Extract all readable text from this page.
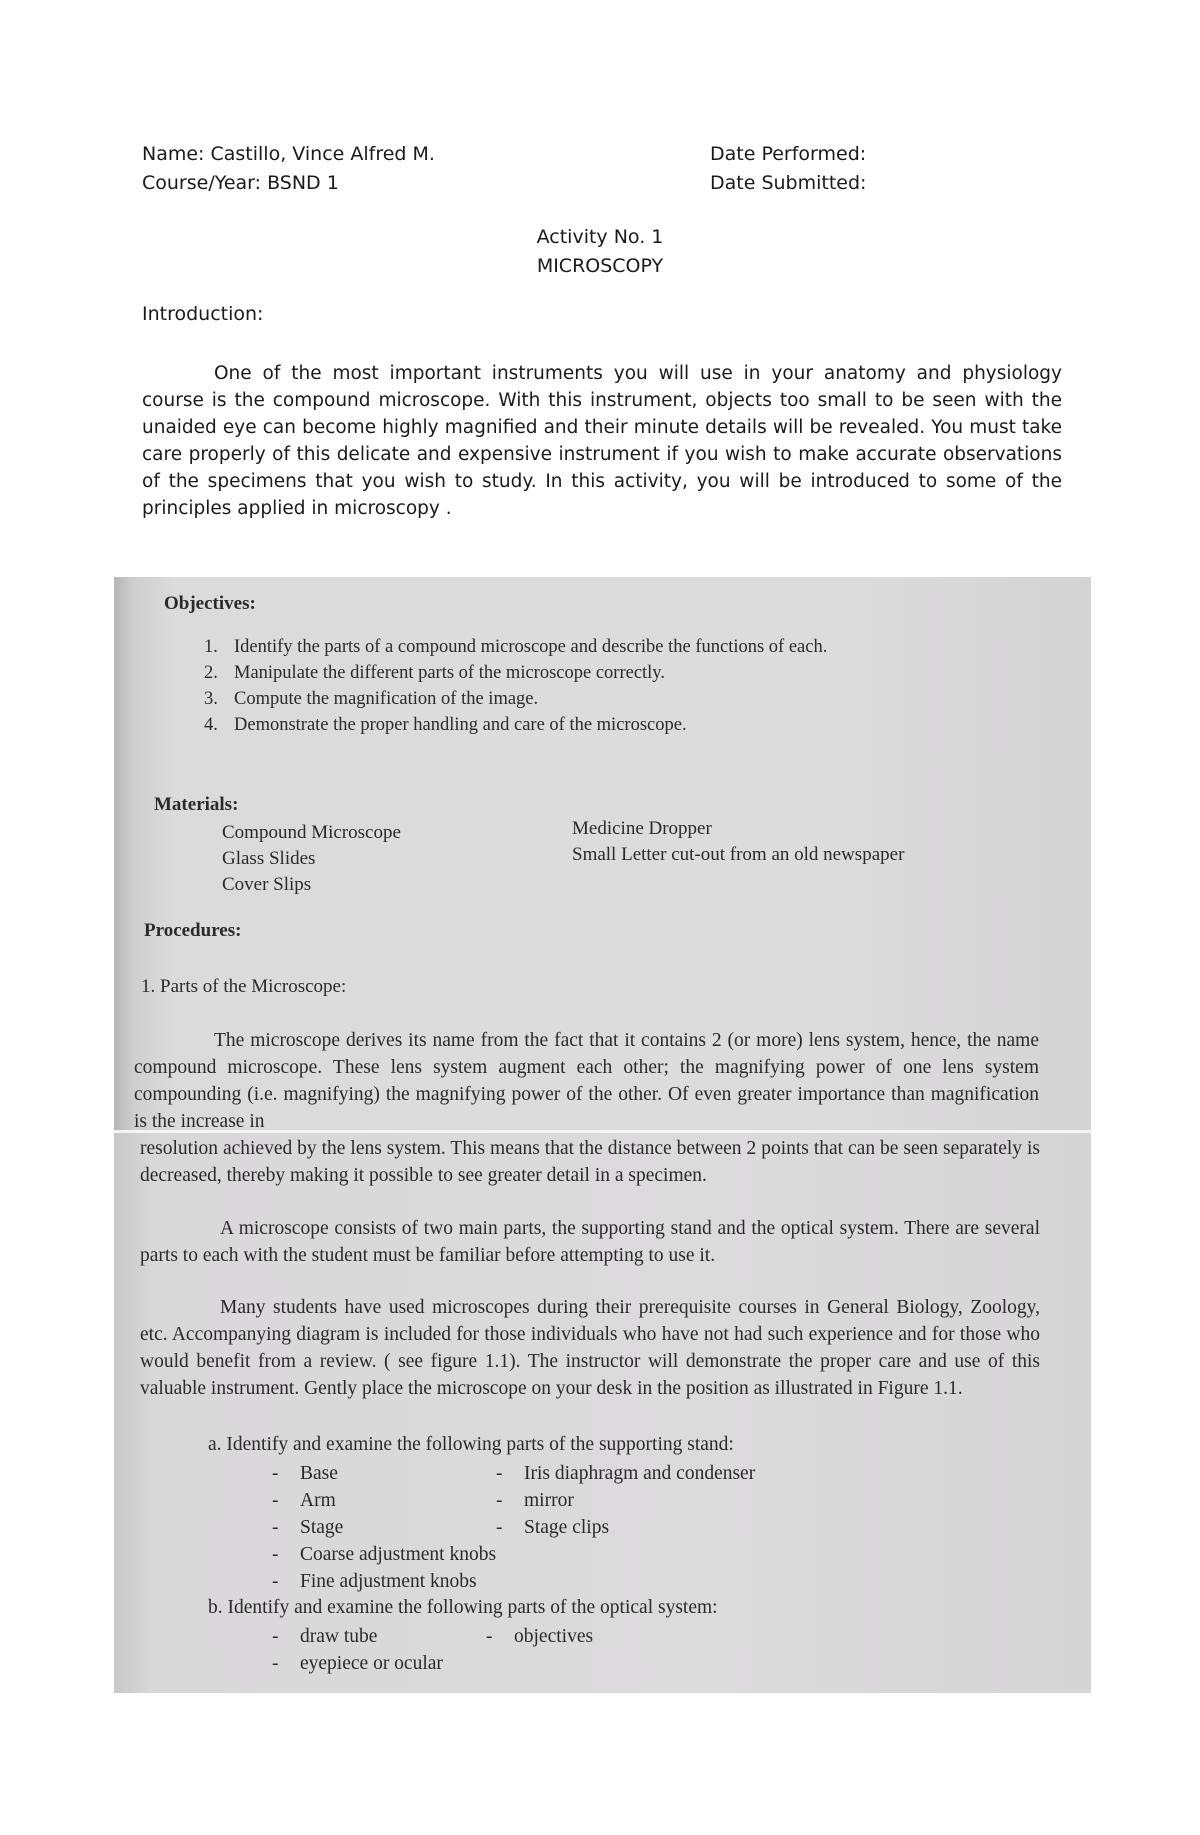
Name: Castillo, Vince Alfred M.
Course/Year: BSND 1
Date Performed:
Date Submitted:
Activity No. 1
MICROSCOPY
Introduction:
One of the most important instruments you will use in your anatomy and physiology course is the compound microscope. With this instrument, objects too small to be seen with the unaided eye can become highly magnified and their minute details will be revealed. You must take care properly of this delicate and expensive instrument if you wish to make accurate observations of the specimens that you wish to study. In this activity, you will be introduced to some of the principles applied in microscopy .
Objectives:
1. Identify the parts of a compound microscope and describe the functions of each.
2. Manipulate the different parts of the microscope correctly.
3. Compute the magnification of the image.
4. Demonstrate the proper handling and care of the microscope.
Materials:
Compound Microscope
Glass Slides
Cover Slips
Medicine Dropper
Small Letter cut-out from an old newspaper
Procedures:
1. Parts of the Microscope:
The microscope derives its name from the fact that it contains 2 (or more) lens system, hence, the name compound microscope. These lens system augment each other; the magnifying power of one lens system compounding (i.e. magnifying) the magnifying power of the other. Of even greater importance than magnification is the increase in
resolution achieved by the lens system. This means that the distance between 2 points that can be seen separately is decreased, thereby making it possible to see greater detail in a specimen.
A microscope consists of two main parts, the supporting stand and the optical system. There are several parts to each with the student must be familiar before attempting to use it.
Many students have used microscopes during their prerequisite courses in General Biology, Zoology, etc. Accompanying diagram is included for those individuals who have not had such experience and for those who would benefit from a review. ( see figure 1.1). The instructor will demonstrate the proper care and use of this valuable instrument. Gently place the microscope on your desk in the position as illustrated in Figure 1.1.
a. Identify and examine the following parts of the supporting stand:
- Base
- Arm
- Stage
- Coarse adjustment knobs
- Fine adjustment knobs
- Iris diaphragm and condenser
- mirror
- Stage clips
b. Identify and examine the following parts of the optical system:
- draw tube
- eyepiece or ocular
- objectives
